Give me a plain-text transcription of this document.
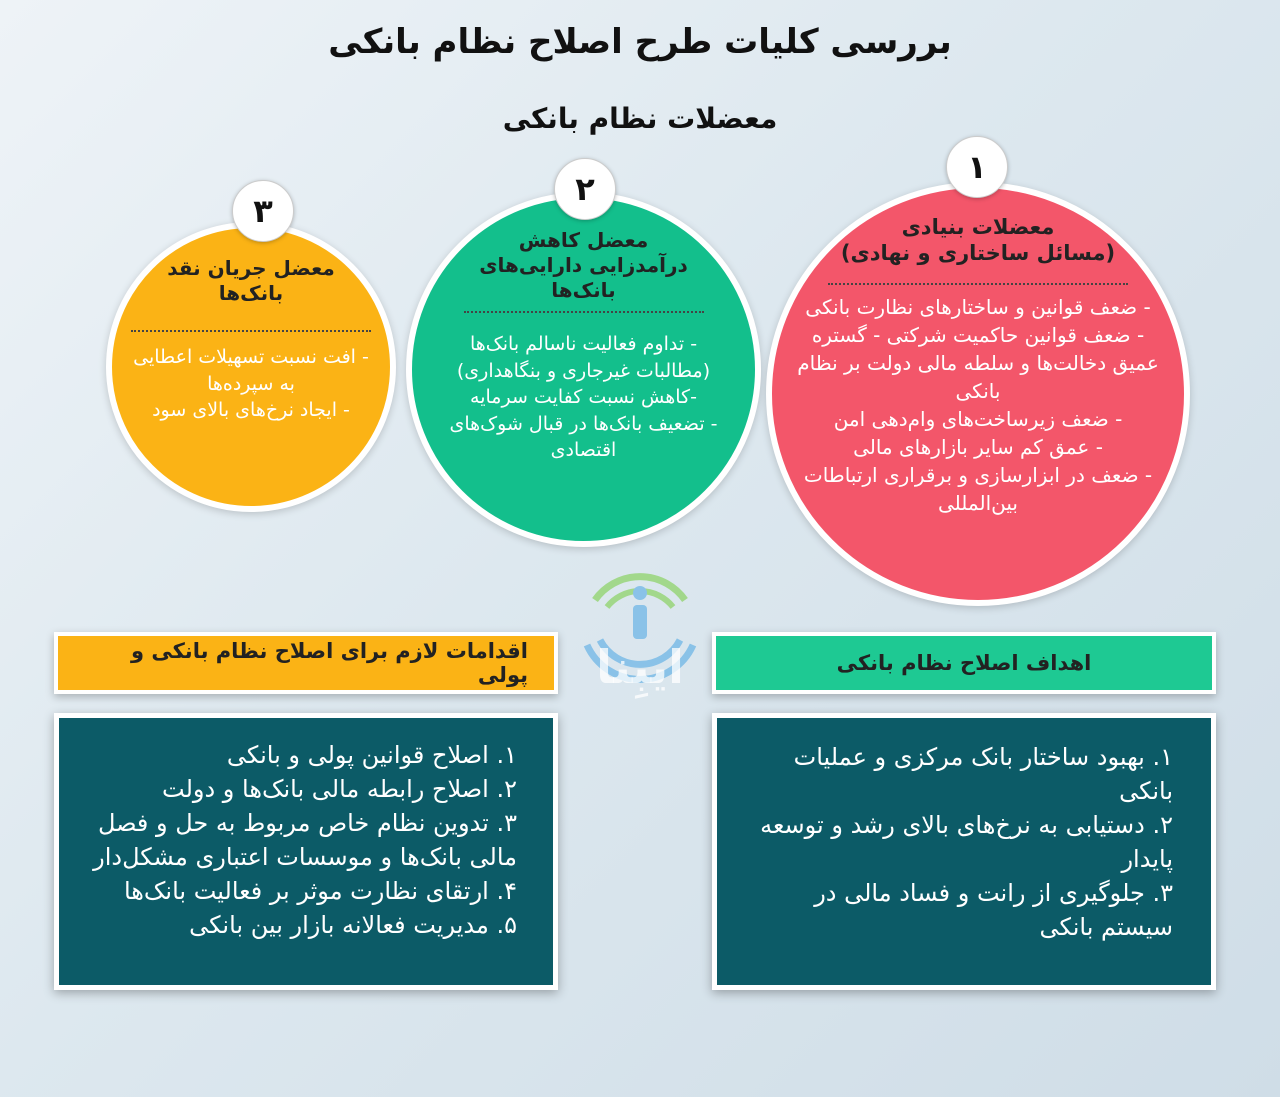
بررسی کلیات طرح اصلاح نظام بانکی
معضلات نظام بانکی
معضلات بنیادی
(مسائل ساختاری و نهادی)

- ضعف قوانین و ساختارهای نظارت بانکی

- ضعف قوانین حاکمیت شرکتی - گستره عمیق دخالت‌ها و سلطه مالی دولت بر نظام بانکی

- ضعف زیرساخت‌های وام‌دهی امن

- عمق کم سایر بازارهای مالی

- ضعف در ابزارسازی و برقراری ارتباطات بین‌المللی

۱
معضل کاهش
درآمدزایی دارایی‌های
بانک‌ها

- تداوم فعالیت ناسالم بانک‌ها (مطالبات غیرجاری و بنگاهداری)

-کاهش نسبت کفایت سرمایه

- تضعیف بانک‌ها در قبال شوک‌های اقتصادی

۲
معضل جریان نقد
بانک‌ها

- افت نسبت تسهیلات اعطایی به سپرده‌ها

- ایجاد نرخ‌های بالای سود

۳
ایبِنا
اقدامات لازم برای اصلاح نظام بانکی و پولی	اهداف اصلاح نظام بانکی

۱. اصلاح قوانین پولی و بانکی

۲. اصلاح رابطه مالی بانک‌ها و دولت

۳. تدوین نظام خاص مربوط به حل و فصل مالی بانک‌ها و موسسات اعتباری مشکل‌دار

۴. ارتقای نظارت موثر بر فعالیت بانک‌ها

۵. مدیریت فعالانه بازار بین بانکی

۱. بهبود ساختار بانک مرکزی و عملیات بانکی

۲. دستیابی به نرخ‌های بالای رشد و توسعه پایدار

۳. جلوگیری از رانت و فساد مالی در سیستم بانکی
